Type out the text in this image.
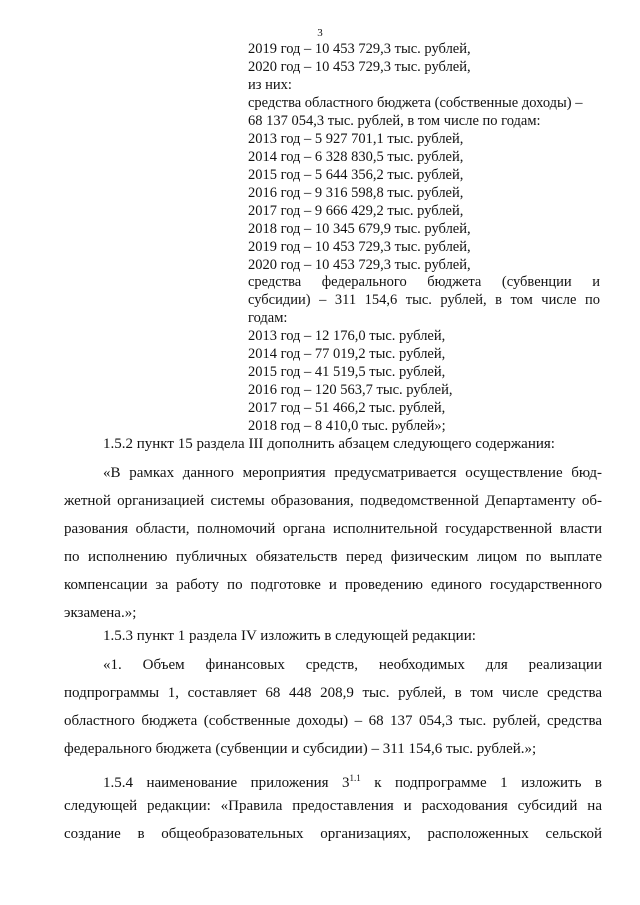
3
2019 год – 10 453 729,3 тыс. рублей,
2020 год – 10 453 729,3 тыс. рублей,
из них:
средства областного бюджета (собственные доходы) –
68 137 054,3 тыс. рублей, в том числе по годам:
2013 год – 5 927 701,1 тыс. рублей,
2014 год – 6 328 830,5 тыс. рублей,
2015 год – 5 644 356,2 тыс. рублей,
2016 год – 9 316 598,8 тыс. рублей,
2017 год – 9 666 429,2 тыс. рублей,
2018 год – 10 345 679,9 тыс. рублей,
2019 год – 10 453 729,3 тыс. рублей,
2020 год – 10 453 729,3 тыс. рублей,
средства федерального бюджета (субвенции и
субсидии) – 311 154,6 тыс. рублей, в том числе по
годам:
2013 год – 12 176,0 тыс. рублей,
2014 год – 77 019,2 тыс. рублей,
2015 год – 41 519,5 тыс. рублей,
2016 год – 120 563,7 тыс. рублей,
2017 год – 51 466,2 тыс. рублей,
2018 год – 8 410,0 тыс. рублей»;
1.5.2 пункт 15 раздела III дополнить абзацем следующего содержания:
«В рамках данного мероприятия предусматривается осуществление бюд-
жетной организацией системы образования, подведомственной Департаменту об-
разования области, полномочий органа исполнительной государственной власти
по исполнению публичных обязательств перед физическим лицом по выплате
компенсации за работу по подготовке и проведению единого государственного
экзамена.»;
1.5.3 пункт 1 раздела IV изложить в следующей редакции:
«1. Объем финансовых средств, необходимых для реализации
подпрограммы 1, составляет 68 448 208,9 тыс. рублей, в том числе средства
областного бюджета (собственные доходы) – 68 137 054,3 тыс. рублей, средства
федерального бюджета (субвенции и субсидии) – 311 154,6 тыс. рублей.»;
1.5.4 наименование приложения $3^{1.1}$ к подпрограмме 1 изложить в
следующей редакции: «Правила предоставления и расходования субсидий на
создание в общеобразовательных организациях, расположенных сельской
